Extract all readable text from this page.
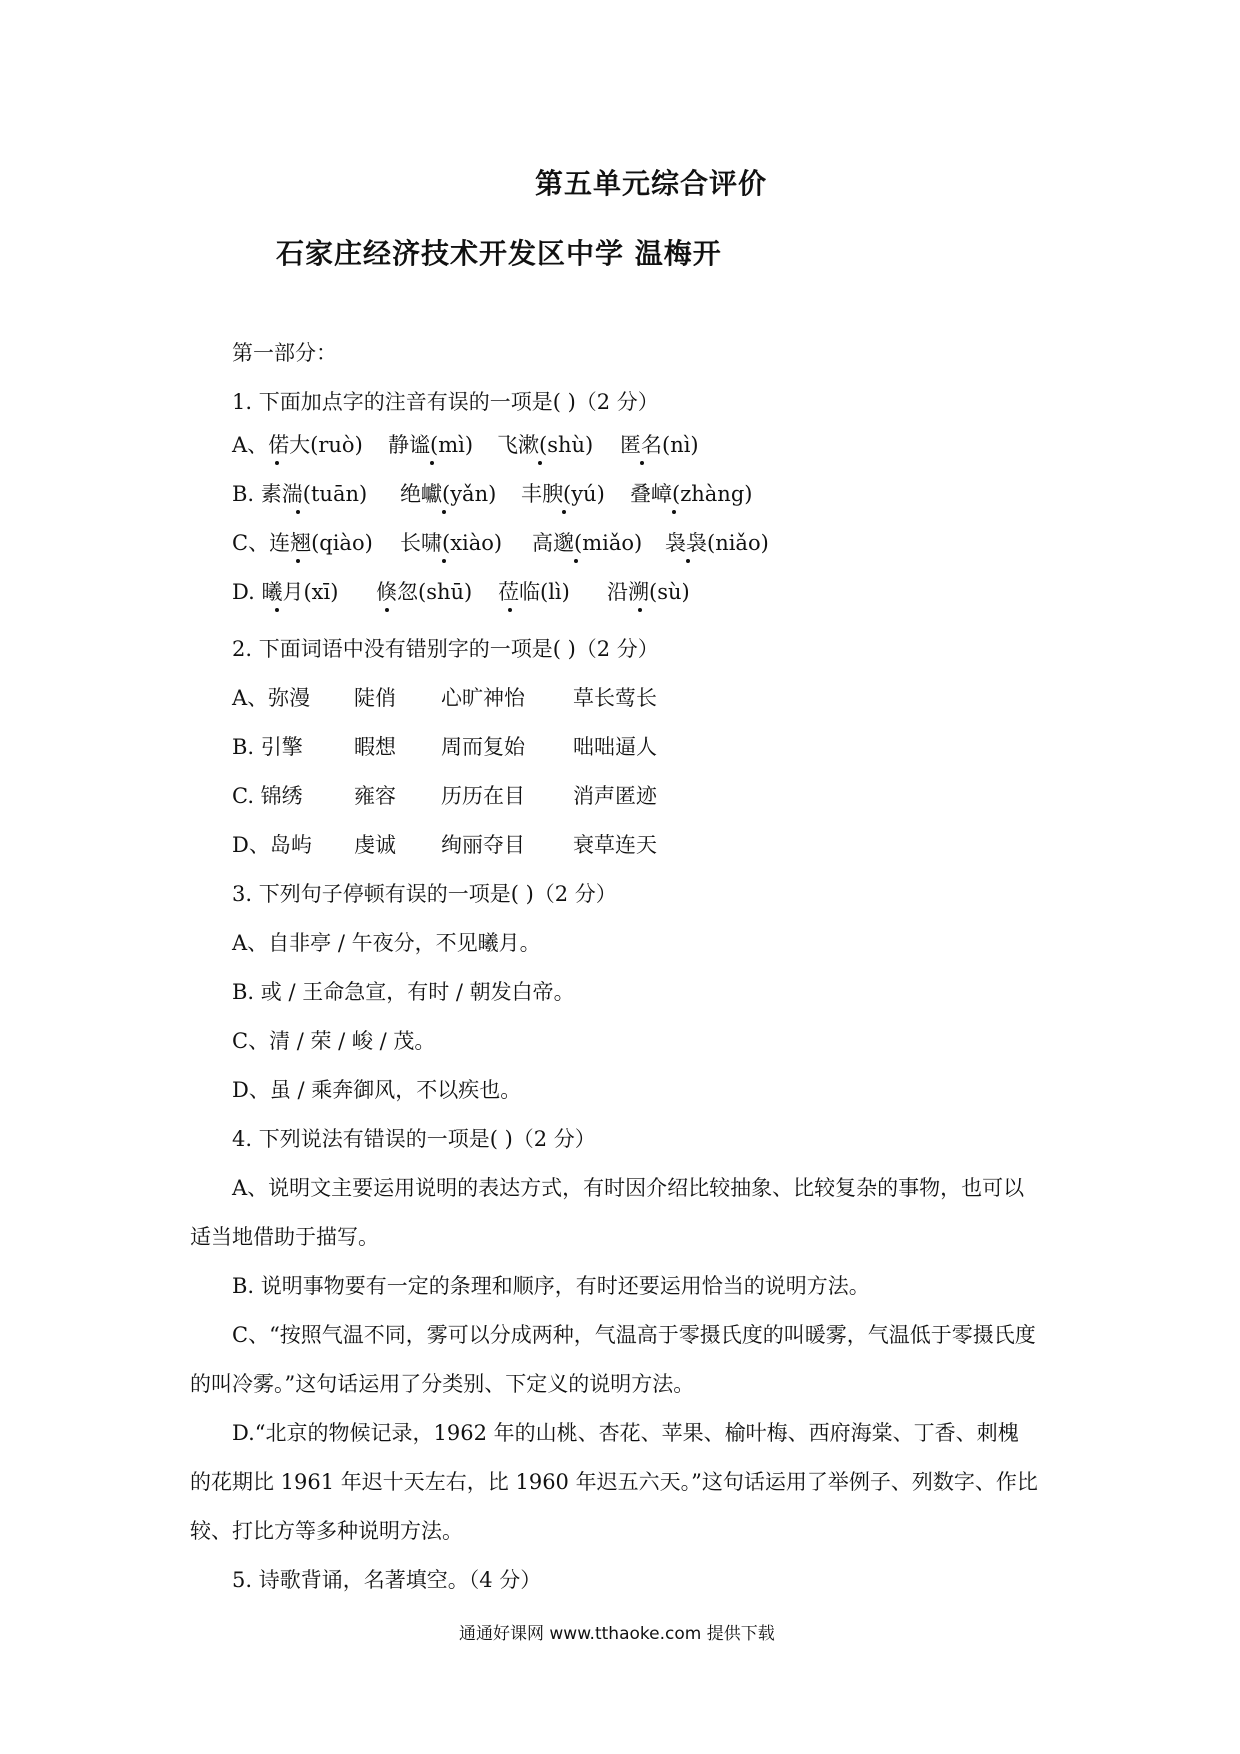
第五单元综合评价
石家庄经济技术开发区中学 温梅开
第一部分：
1. 下面加点字的注音有误的一项是( )（2 分）
A、偌大(ruò) 静谧(mì) 飞漱(shù) 匿名(nì)
B. 素湍(tuān) 绝巘(yǎn) 丰腴(yú) 叠嶂(zhàng)
C、连翘(qiào) 长啸(xiào) 高邈(miǎo) 袅袅(niǎo)
D. 曦月(xī) 倏忽(shū) 莅临(lì) 沿溯(sù)
2. 下面词语中没有错别字的一项是( )（2 分）
A、弥漫 陡俏 心旷神怡 草长莺长
B. 引擎 暇想 周而复始 咄咄逼人
C. 锦绣 雍容 历历在目 消声匿迹
D、岛屿 虔诚 绚丽夺目 衰草连天
3. 下列句子停顿有误的一项是( )（2 分）
A、自非亭 / 午夜分，不见曦月。
B. 或 / 王命急宣，有时 / 朝发白帝。
C、清 / 荣 / 峻 / 茂。
D、虽 / 乘奔御风，不以疾也。
4. 下列说法有错误的一项是( )（2 分）
A、说明文主要运用说明的表达方式，有时因介绍比较抽象、比较复杂的事物，也可以
适当地借助于描写。
B. 说明事物要有一定的条理和顺序，有时还要运用恰当的说明方法。
C、“按照气温不同，雾可以分成两种，气温高于零摄氏度的叫暖雾，气温低于零摄氏度
的叫冷雾。”这句话运用了分类别、下定义的说明方法。
D.“北京的物候记录，1962 年的山桃、杏花、苹果、榆叶梅、西府海棠、丁香、刺槐
的花期比 1961 年迟十天左右，比 1960 年迟五六天。”这句话运用了举例子、列数字、作比
较、打比方等多种说明方法。
5. 诗歌背诵，名著填空。（4 分）
通通好课网 www.tthaoke.com 提供下载
